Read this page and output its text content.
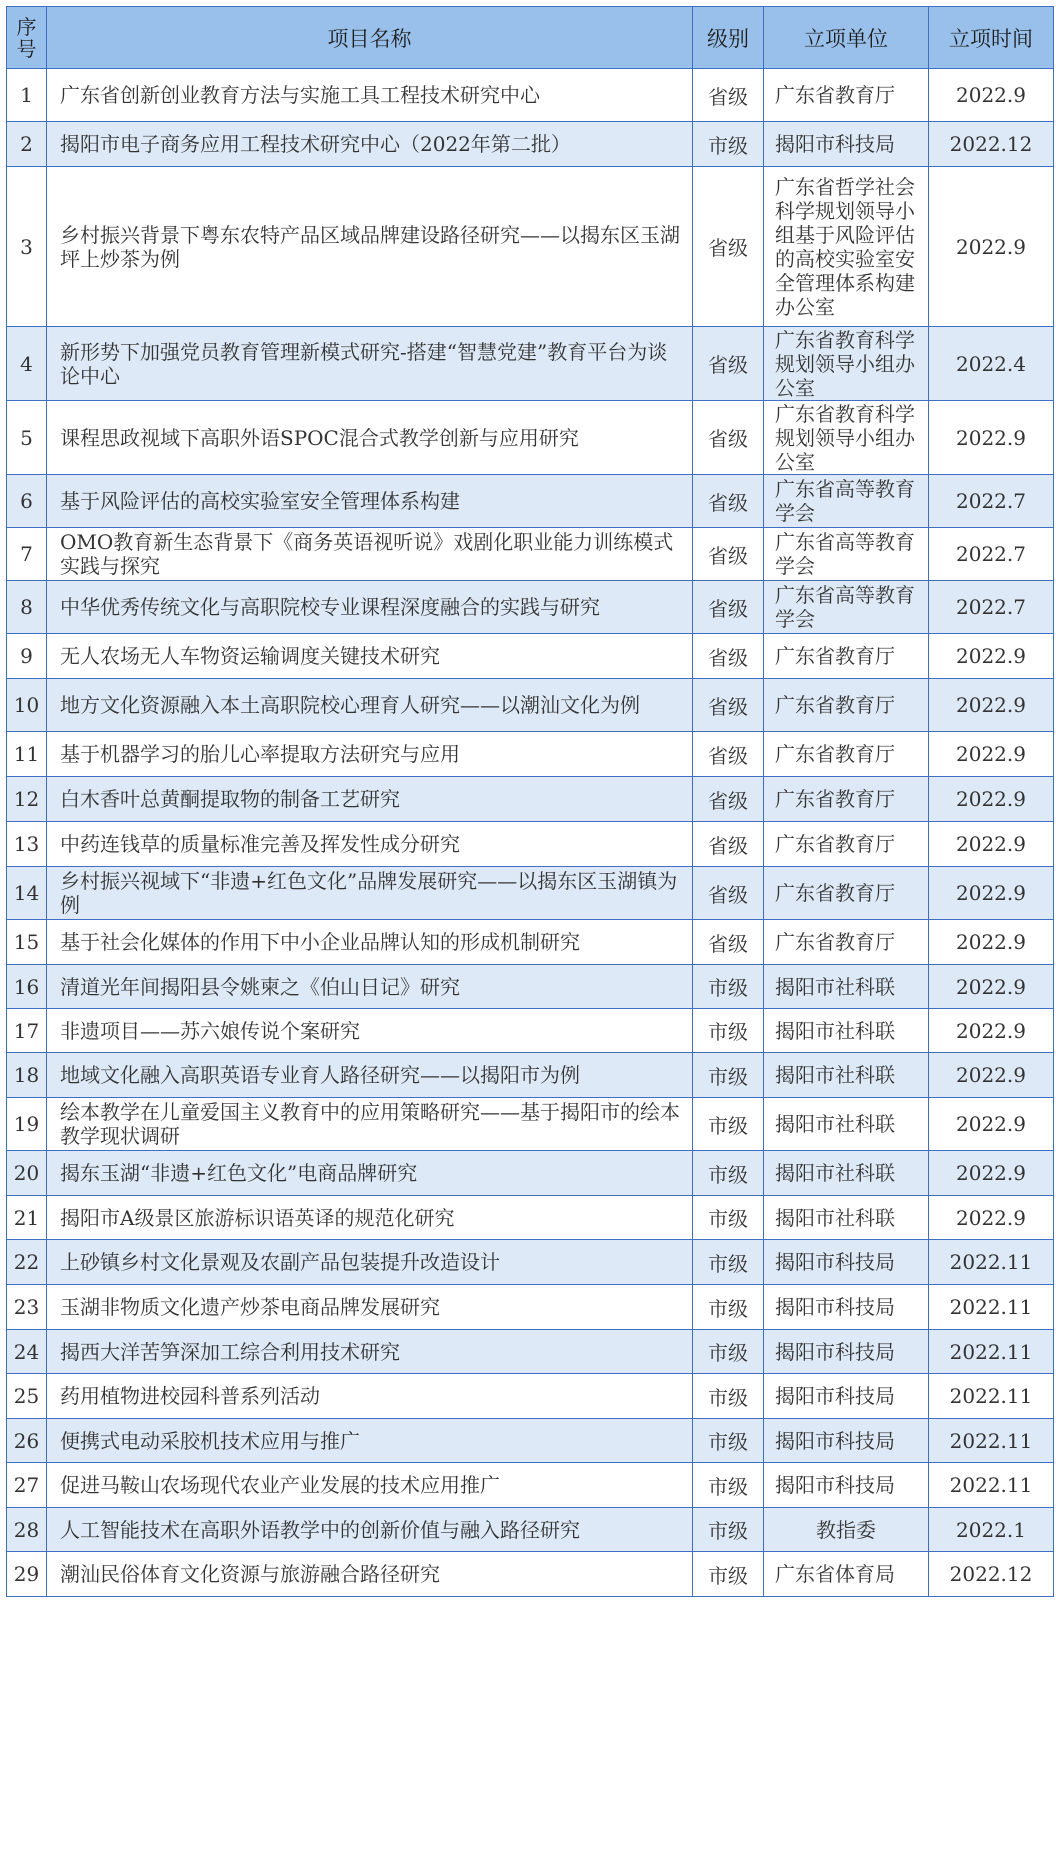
序号	项目名称	级别	立项单位	立项时间
1	广东省创新创业教育方法与实施工具工程技术研究中心	省级	广东省教育厅	2022.9
2	揭阳市电子商务应用工程技术研究中心（2022年第二批）	市级	揭阳市科技局	2022.12
3	乡村振兴背景下粤东农特产品区域品牌建设路径研究——以揭东区玉湖坪上炒茶为例	省级	广东省哲学社会科学规划领导小组基于风险评估的高校实验室安全管理体系构建办公室	2022.9
4	新形势下加强党员教育管理新模式研究-搭建“智慧党建”教育平台为谈论中心	省级	广东省教育科学规划领导小组办公室	2022.4
5	课程思政视域下高职外语SPOC混合式教学创新与应用研究	省级	广东省教育科学规划领导小组办公室	2022.9
6	基于风险评估的高校实验室安全管理体系构建	省级	广东省高等教育学会	2022.7
7	OMO教育新生态背景下《商务英语视听说》戏剧化职业能力训练模式实践与探究	省级	广东省高等教育学会	2022.7
8	中华优秀传统文化与高职院校专业课程深度融合的实践与研究	省级	广东省高等教育学会	2022.7
9	无人农场无人车物资运输调度关键技术研究	省级	广东省教育厅	2022.9
10	地方文化资源融入本土高职院校心理育人研究——以潮汕文化为例	省级	广东省教育厅	2022.9
11	基于机器学习的胎儿心率提取方法研究与应用	省级	广东省教育厅	2022.9
12	白木香叶总黄酮提取物的制备工艺研究	省级	广东省教育厅	2022.9
13	中药连钱草的质量标准完善及挥发性成分研究	省级	广东省教育厅	2022.9
14	乡村振兴视域下“非遗+红色文化”品牌发展研究——以揭东区玉湖镇为例	省级	广东省教育厅	2022.9
15	基于社会化媒体的作用下中小企业品牌认知的形成机制研究	省级	广东省教育厅	2022.9
16	清道光年间揭阳县令姚柬之《伯山日记》研究	市级	揭阳市社科联	2022.9
17	非遗项目——苏六娘传说个案研究	市级	揭阳市社科联	2022.9
18	地域文化融入高职英语专业育人路径研究——以揭阳市为例	市级	揭阳市社科联	2022.9
19	绘本教学在儿童爱国主义教育中的应用策略研究——基于揭阳市的绘本教学现状调研	市级	揭阳市社科联	2022.9
20	揭东玉湖“非遗+红色文化”电商品牌研究	市级	揭阳市社科联	2022.9
21	揭阳市A级景区旅游标识语英译的规范化研究	市级	揭阳市社科联	2022.9
22	上砂镇乡村文化景观及农副产品包装提升改造设计	市级	揭阳市科技局	2022.11
23	玉湖非物质文化遗产炒茶电商品牌发展研究	市级	揭阳市科技局	2022.11
24	揭西大洋苦笋深加工综合利用技术研究	市级	揭阳市科技局	2022.11
25	药用植物进校园科普系列活动	市级	揭阳市科技局	2022.11
26	便携式电动采胶机技术应用与推广	市级	揭阳市科技局	2022.11
27	促进马鞍山农场现代农业产业发展的技术应用推广	市级	揭阳市科技局	2022.11
28	人工智能技术在高职外语教学中的创新价值与融入路径研究	市级	教指委	2022.1
29	潮汕民俗体育文化资源与旅游融合路径研究	市级	广东省体育局	2022.12
